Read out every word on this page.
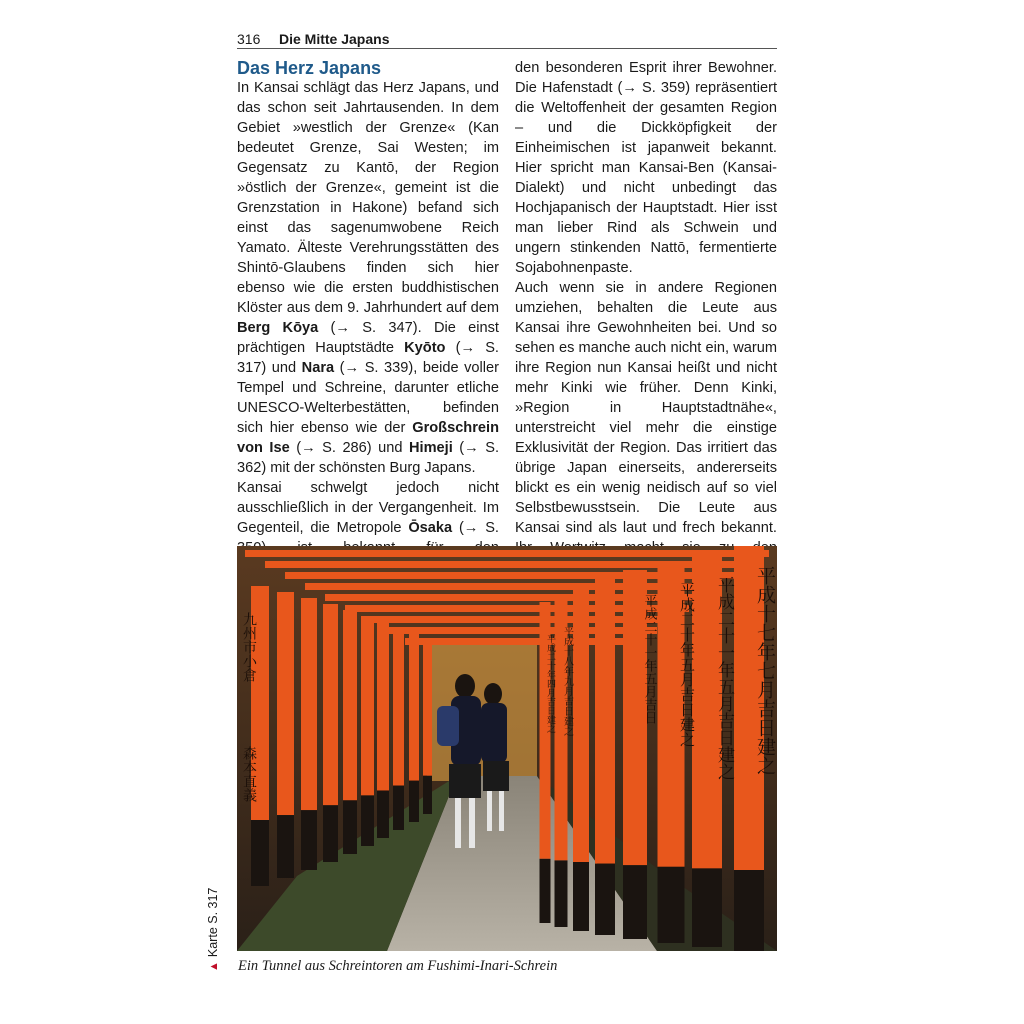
316 Die Mitte Japans
Das Herz Japans

In Kansai schlägt das Herz Japans, und das schon seit Jahrtausenden. In dem Gebiet »westlich der Grenze« (Kan bedeutet Grenze, Sai Westen; im Gegensatz zu Kantō, der Region »östlich der Grenze«, gemeint ist die Grenzstation in Hakone) befand sich einst das sagenumwobene Reich Yamato. Älteste Verehrungsstätten des Shintō-Glaubens finden sich hier ebenso wie die ersten buddhistischen Klöster aus dem 9. Jahrhundert auf dem Berg Kōya (→ S. 347). Die einst prächtigen Hauptstädte Kyōto (→ S. 317) und Nara (→ S. 339), beide voller Tempel und Schreine, darunter etliche UNESCO-Welterbestätten, befinden sich hier ebenso wie der Großschrein von Ise (→ S. 286) und Himeji (→ S. 362) mit der schönsten Burg Japans.

Kansai schwelgt jedoch nicht ausschließlich in der Vergangenheit. Im Gegenteil, die Metropole Ōsaka (→ S.

den besonderen Esprit ihrer Bewohner. Die Hafenstadt (→ S. 359) repräsentiert die Weltoffenheit der gesamten Region – und die Dickköpfigkeit der Einheimischen ist japanweit bekannt. Hier spricht man Kansai-Ben (Kansai-Dialekt) und nicht unbedingt das Hochjapanisch der Hauptstadt. Hier isst man lieber Rind als Schwein und ungern stinkenden Nattō, fermentierte Sojabohnenpaste.

Auch wenn sie in andere Regionen umziehen, behalten die Leute aus Kansai ihre Gewohnheiten bei. Und so sehen es manche auch nicht ein, warum ihre Region nun Kansai heißt und nicht mehr Kinki wie früher. Denn Kinki, »Region in Hauptstadtnähe«, unterstreicht viel mehr die einstige Exklusivität der Region. Das irritiert das übrige Japan einerseits, andererseits blickt es ein wenig neidisch auf so viel Selbstbewusstsein. Die Leute aus Kansai sind als laut und frech bekannt.

平成十七年七月吉日建之
平成二十一年五月吉日建之
平成二十年五月吉日建之
平成二十一年五月吉日
平成十八年九月吉日建之
平成二十年四月吉日建之
九州市小倉
森本直義
Ein Tunnel aus Schreintoren am Fushimi-Inari-Schrein
▲Karte S. 317
